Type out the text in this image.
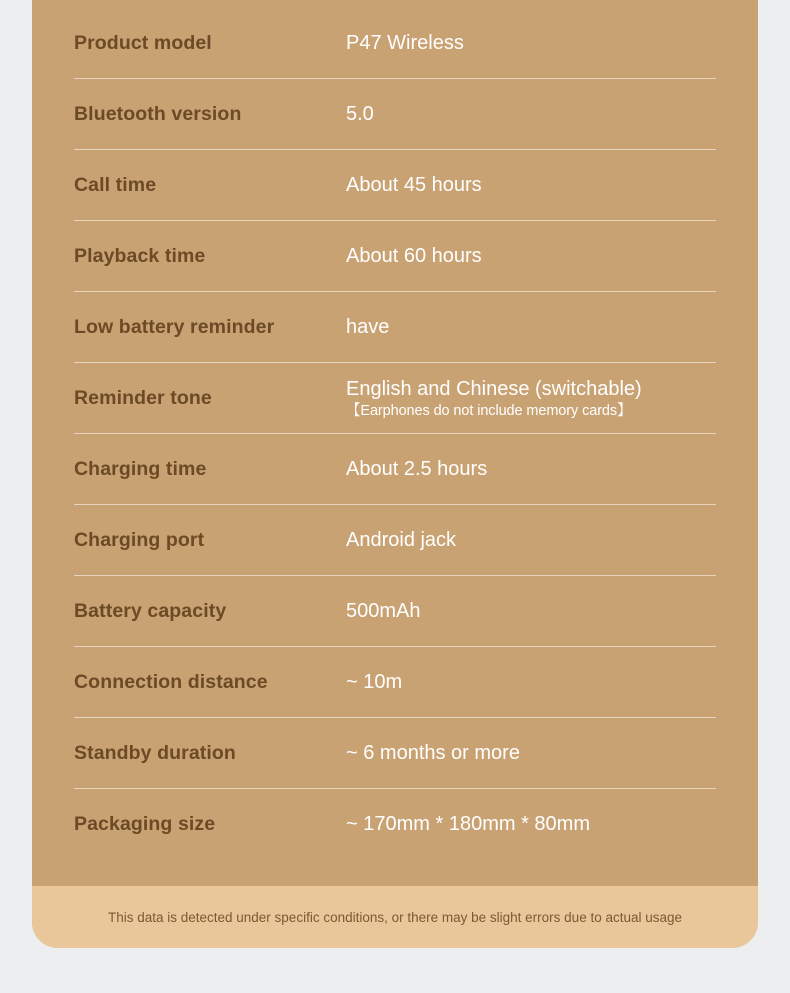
Product model	P47 Wireless
Bluetooth version	5.0
Call time	About 45 hours
Playback time	About 60 hours
Low battery reminder	have
Reminder tone	English and Chinese (switchable)
【Earphones do not include memory cards】
Charging time	About 2.5 hours
Charging port	Android jack
Battery capacity	500mAh
Connection distance	~ 10m
Standby duration	~ 6 months or more
Packaging size	~ 170mm * 180mm * 80mm
This data is detected under specific conditions, or there may be slight errors due to actual usage
